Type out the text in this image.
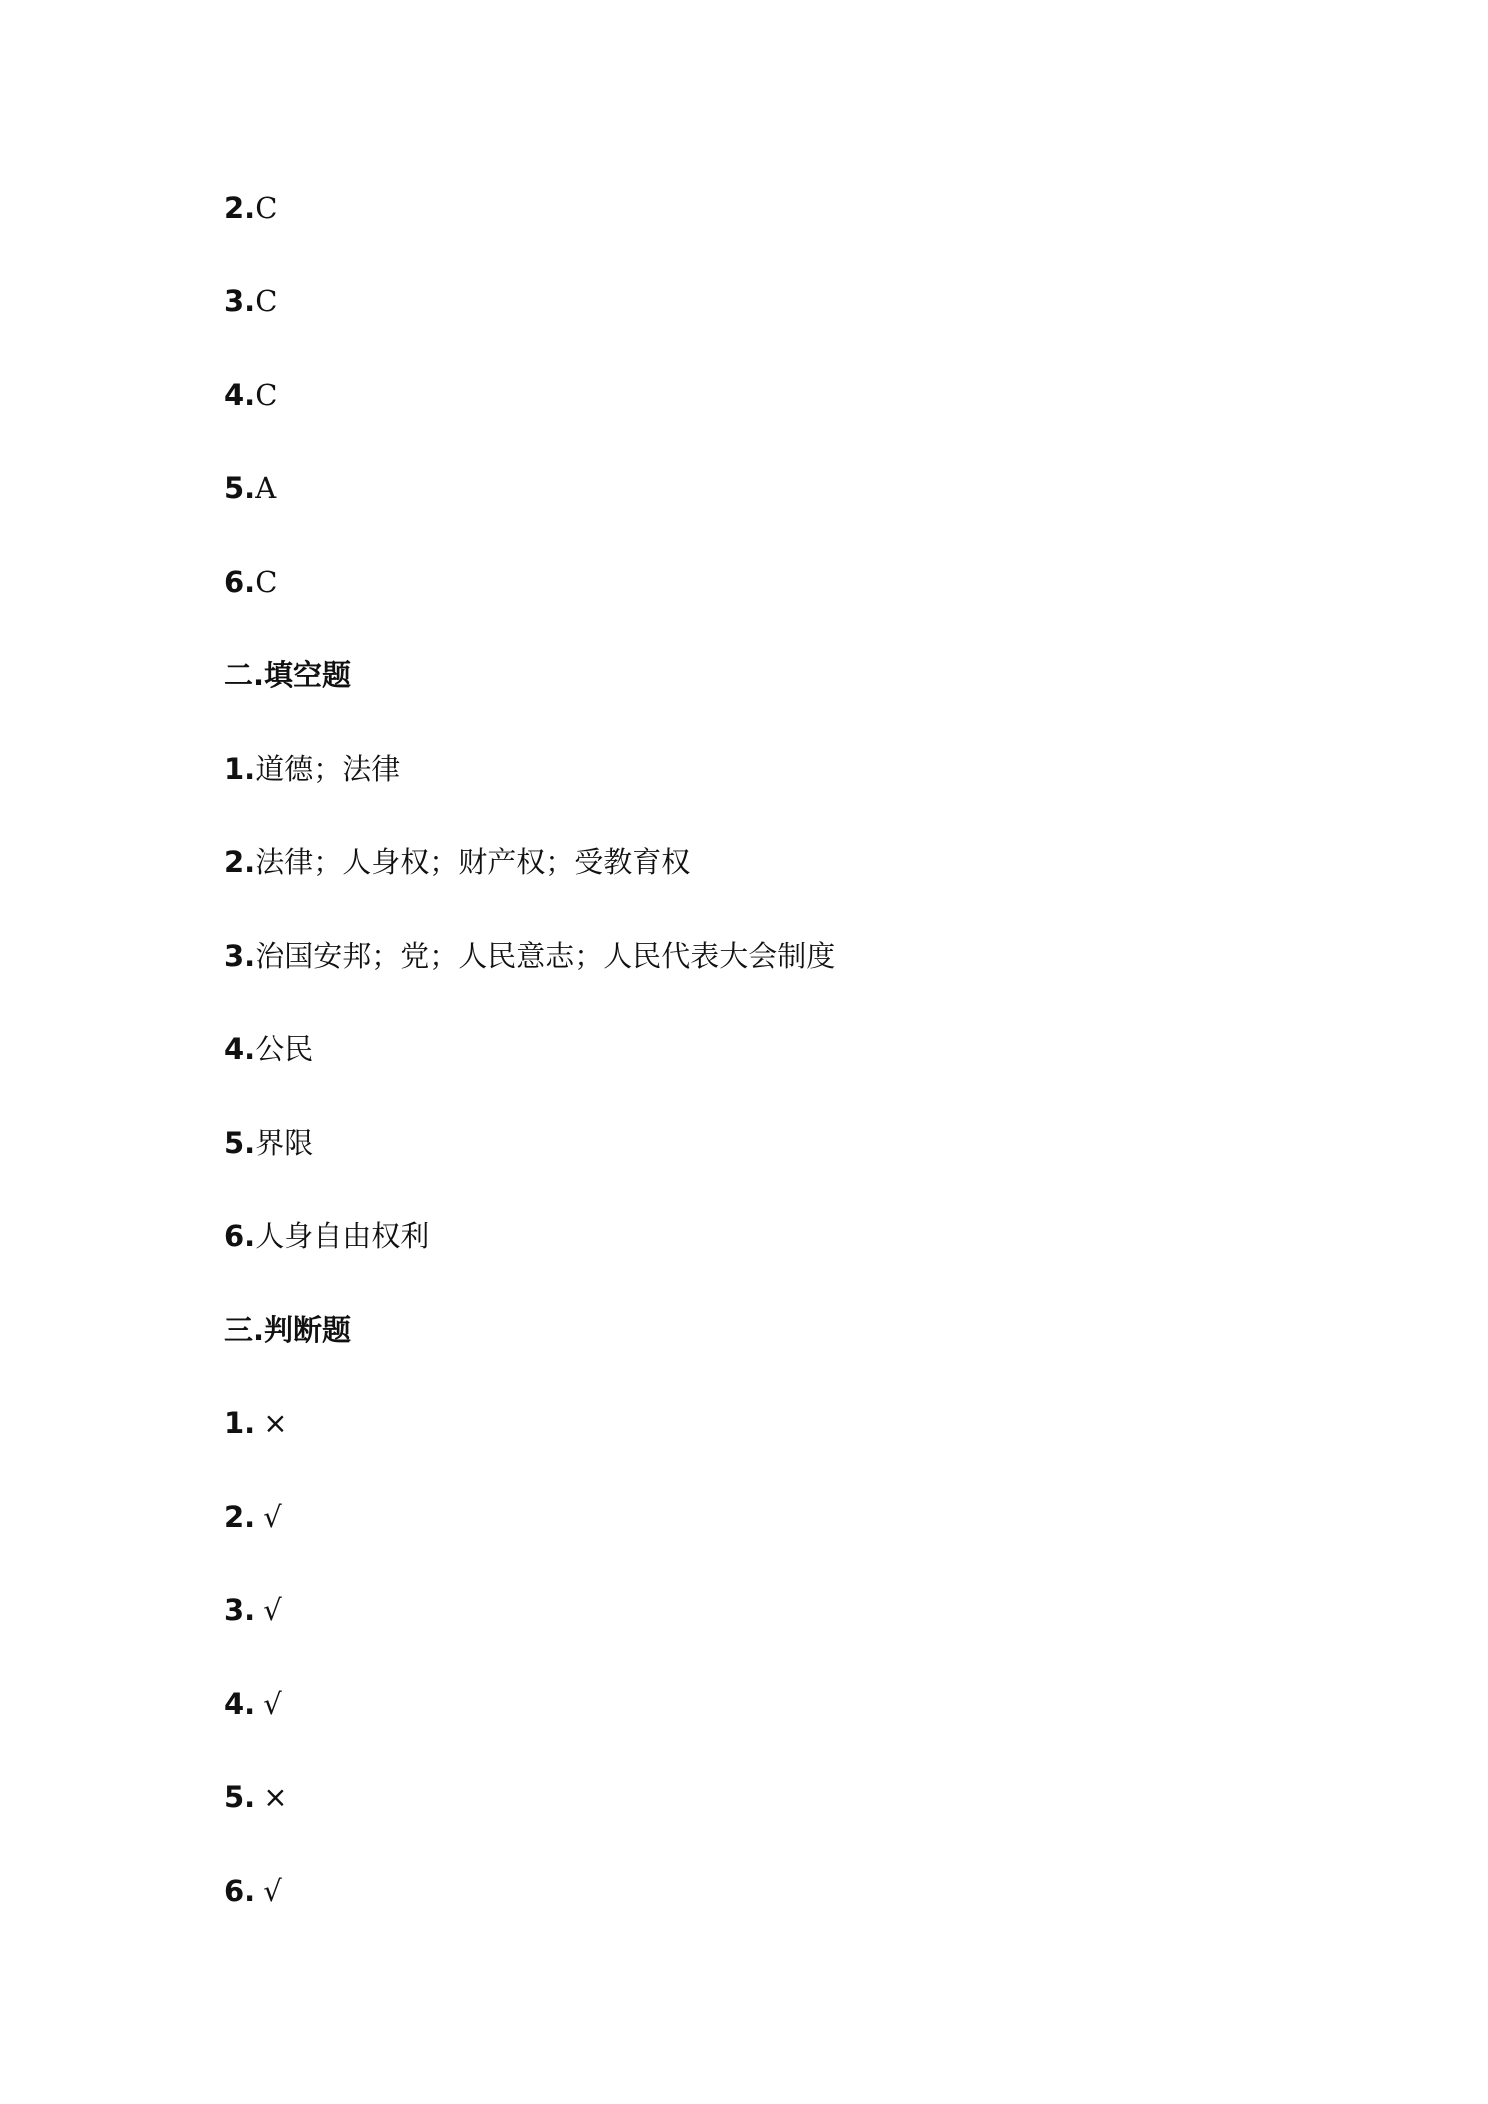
2.C
3.C
4.C
5.A
6.C
二.填空题
1.道德；法律
2.法律；人身权；财产权；受教育权
3.治国安邦；党；人民意志；人民代表大会制度
4.公民
5.界限
6.人身自由权利
三.判断题
1. ×
2. √
3. √
4. √
5. ×
6. √
